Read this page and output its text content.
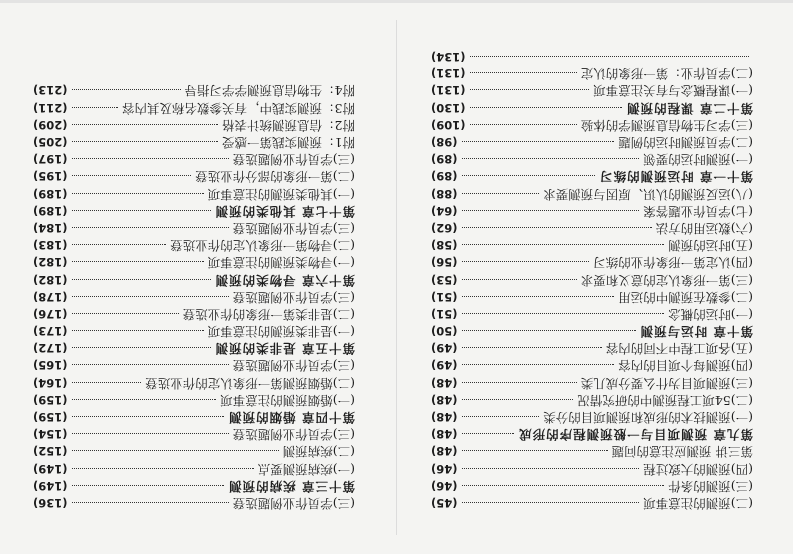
(二)预测的注意事项
(45)
(三)预测的条件
(46)
(四)预测的大致过程
(46)
第三讲 预测应注意的问题
(48)
第九章 预测项目与一般预测程序的形成
(48)
(一)预测技术的形成和预测项目的分类
(48)
(二)54项工程预测中的研究情况
(48)
(三)预测项目为什么要分成几类
(48)
(四)预测每个项目的内容
(49)
(五)各项工程中不同的内容
(49)
第十章 时运与预测
(50)
(一)时运的概念
(51)
(二)参数在预测中的运用
(51)
(三)第一形象认定的意义和要求
(53)
(四)认定第一形象作业的练习
(56)
(五)时运的预测
(58)
(六)数运用的方法
(62)
(七)学员作业题答案
(64)
(八)运反预测的认识、原因与预测要求
(88)
第十一章 时运预测的练习
(89)
(一)预测时运的要领
(89)
(二)学员预测时运的例题
(98)
(三)学习生物信息预测学的体验
(109)
第十二章 课程的预测
(130)
(一)课程概念与有关注意事项
(131)
(二)学员作业：第一形象的认定
(131)
(134)
(三)学员作业例题选登
(136)
第十三章 疾病的预测
(149)
(一)疾病预测要点
(149)
(二)疾病预测
(152)
(三)学员作业例题选登
(154)
第十四章 婚姻的预测
(159)
(一)婚姻预测的注意事项
(159)
(二)婚姻预测第一形象认定的作业选登
(164)
(三)学员作业例题选登
(165)
第十五章 是非类的预测
(172)
(一)是非类预测的注意事项
(173)
(二)是非类第一形象的作业选登
(176)
(三)学员作业例题选登
(178)
第十六章 寻物类的预测
(182)
(一)寻物类预测的注意事项
(182)
(二)寻物第一形象认定的作业选登
(183)
(三)学员作业例题选登
(184)
第十七章 其他类的预测
(189)
(一)其他类预测的注意事项
(189)
(二)第一形象的部分作业选登
(195)
(三)学员作业例题选登
(197)
附1：预测实践第一感受
(205)
附2：信息预测统计表格
(209)
附3：预测实践中，有关参数名称及其内容
(211)
附4：生物信息预测学学习指导
(213)
